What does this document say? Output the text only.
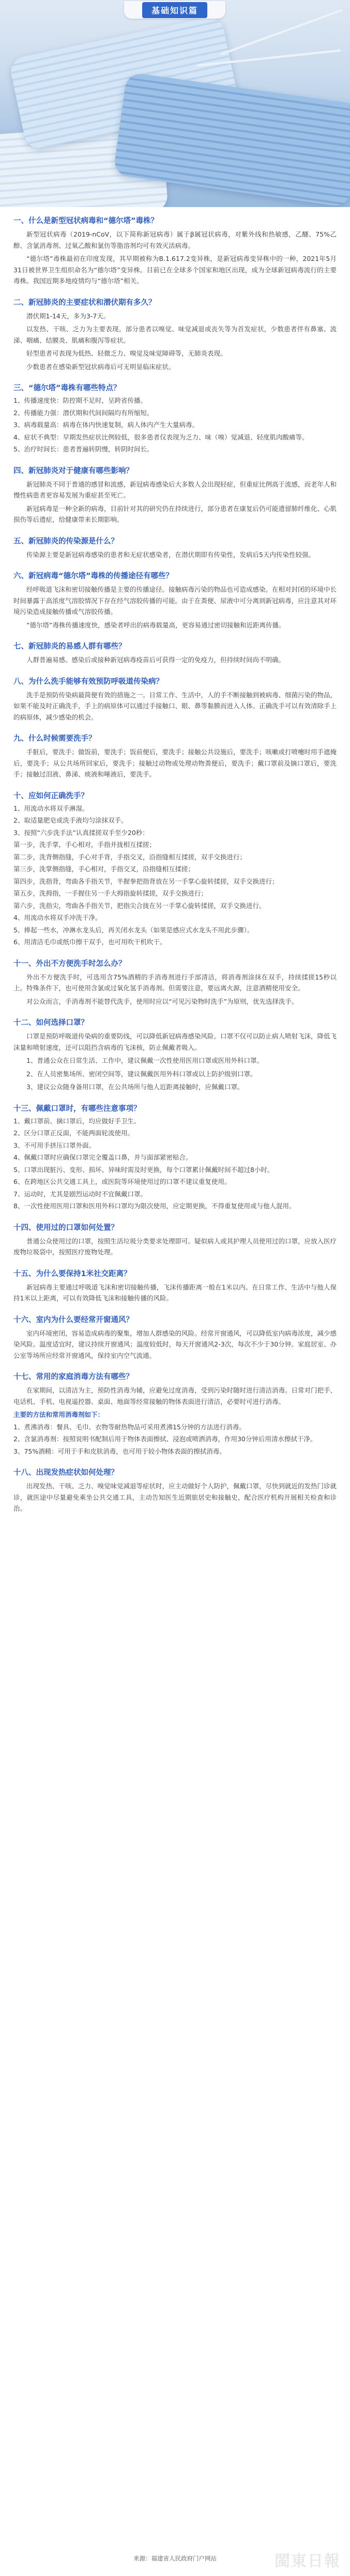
基础知识篇
一、什么是新型冠状病毒和“德尔塔”毒株？

新型冠状病毒（2019-nCoV，以下简称新冠病毒）属于β属冠状病毒，对紫外线和热敏感，乙醚、75%乙醇、含氯消毒剂、过氧乙酸和氯仿等脂溶剂均可有效灭活病毒。

“德尔塔”毒株最初在印度发现，其早期被称为B.1.617.2变异株，是新冠病毒变异株中的一种，2021年5月31日被世界卫生组织命名为“德尔塔”变异株。目前已在全球多个国家和地区出现，成为全球新冠病毒流行的主要毒株。我国近期多地疫情均与“德尔塔”相关。

二、新冠肺炎的主要症状和潜伏期有多久？

潜伏期1-14天，多为3-7天。

以发热、干咳、乏力为主要表现。部分患者以嗅觉、味觉减退或丧失等为首发症状，少数患者伴有鼻塞、流涕、咽痛、结膜炎、肌痛和腹泻等症状。

轻型患者可表现为低热、轻微乏力、嗅觉及味觉障碍等，无肺炎表现。

少数患者在感染新型冠状病毒后可无明显临床症状。

三、“德尔塔”毒株有哪些特点？

1、传播速度快：防控期不足时，呈跨省传播。

2、传播能力强：潜伏期和代间间隔均有所缩短。

3、病毒载量高：病毒在体内快速复制，病人体内产生大量病毒。

4、症状不典型：早期发热症状比例较低，很多患者仅表现为乏力、味（嗅）觉减退、轻度肌肉酸痛等。

5、治疗时间长：患者普遍转阴慢，转阴时间长。

四、新冠肺炎对于健康有哪些影响？

新冠肺炎不同于普通的感冒和流感，新冠病毒感染后大多数人会出现轻症，但重症比例高于流感，而老年人和慢性病患者更容易发展为重症甚至死亡。

新冠病毒是一种全新的病毒，目前针对其的研究仍在持续进行，部分患者在康复后仍可能遗留肺纤维化、心肌损伤等后遗症，给健康带来长期影响。

五、新冠肺炎的传染源是什么？

传染源主要是新冠病毒感染的患者和无症状感染者，在潜伏期即有传染性，发病后5天内传染性较强。

六、新冠病毒“德尔塔”毒株的传播途径有哪些？

经呼吸道飞沫和密切接触传播是主要的传播途径。接触病毒污染的物品也可造成感染。在相对封闭的环境中长时间暴露于高浓度气溶胶情况下存在经气溶胶传播的可能。由于在粪便、尿液中可分离到新冠病毒，应注意其对环境污染造成接触传播或气溶胶传播。

“德尔塔”毒株传播速度快，感染者呼出的病毒载量高，更容易通过密切接触和近距离传播。

七、新冠肺炎的易感人群有哪些？

人群普遍易感。感染后或接种新冠病毒疫苗后可获得一定的免疫力，但持续时间尚不明确。

八、为什么洗手能够有效预防呼吸道传染病？

洗手是预防传染病最简便有效的措施之一。日常工作、生活中，人的手不断接触到被病毒、细菌污染的物品，如果不能及时正确洗手，手上的病原体可以通过手接触口、眼、鼻等黏膜而进入人体。正确洗手可以有效清除手上的病原体，减少感染的机会。

九、什么时候需要洗手？

手脏后，要洗手；做饭前，要洗手；饭前便后，要洗手；接触公共设施后，要洗手；咳嗽或打喷嚏时用手遮掩后，要洗手；从公共场所回家后，要洗手；接触过动物或处理动物粪便后，要洗手；戴口罩前及摘口罩后，要洗手；接触过泪液、鼻涕、痰液和唾液后，要洗手。

十、应如何正确洗手？

1、用流动水将双手淋湿。

2、取适量肥皂或洗手液均匀涂抹双手。

3、按照“六步洗手法”认真揉搓双手至少20秒：

第一步，洗手掌，手心相对，手指并拢相互揉搓；

第二步，洗背侧指缝，手心对手背，手指交叉，沿指缝相互揉搓，双手交换进行；

第三步，洗掌侧指缝，手心相对，手指交叉，沿指缝相互揉搓；

第四步，洗指背，弯曲各手指关节，半握拳把指背放在另一手掌心旋转揉搓，双手交换进行；

第五步，洗拇指，一手握住另一手大拇指旋转揉搓，双手交换进行；

第六步，洗指尖，弯曲各手指关节，把指尖合拢在另一手掌心旋转揉搓，双手交换进行。

4、用流动水将双手冲洗干净。

5、捧起一些水，冲淋水龙头后，再关闭水龙头（如果是感应式水龙头不用此步骤）。

6、用清洁毛巾或纸巾擦干双手，也可用吹干机吹干。

十一、外出不方便洗手时怎么办？

外出不方便洗手时，可选用含75%酒精的手消毒剂进行手部清洁，将消毒剂涂抹在双手，持续揉搓15秒以上。特殊条件下，也可使用含氯或过氧化氢手消毒剂。但需要注意，要远离火源，注意酒精使用安全。

对公众而言，手消毒剂不能替代洗手，使用时应以“可见污染物时洗手”为原则，优先选择洗手。

十二、如何选择口罩？

口罩是预防呼吸道传染病的重要防线，可以降低新冠病毒感染风险。口罩不仅可以防止病人喷射飞沫，降低飞沫量和喷射速度，还可以阻挡含病毒的飞沫核，防止佩戴者吸入。

1、普通公众在日常生活、工作中，建议佩戴一次性使用医用口罩或医用外科口罩。

2、在人员密集场所、密闭空间等，建议佩戴医用外科口罩或以上防护级别口罩。

3、建议公众随身备用口罩，在公共场所与他人近距离接触时，应佩戴口罩。

十三、佩戴口罩时，有哪些注意事项？

1、戴口罩前、摘口罩后，均应做好手卫生。

2、区分口罩正反面，不能两面轮流使用。

3、不可用手挤压口罩外面。

4、佩戴口罩时应确保口罩完全覆盖口鼻，并与面部紧密贴合。

5、口罩出现脏污、变形、损坏、异味时需及时更换，每个口罩累计佩戴时间不超过8小时。

6、在跨地区公共交通工具上，或医院等环境使用过的口罩不建议重复使用。

7、运动时，尤其是剧烈运动时不宜佩戴口罩。

8、一次性使用医用口罩和医用外科口罩均为限次使用，应定期更换，不得重复使用或与他人混用。

十四、使用过的口罩如何处置？

普通公众使用过的口罩，按照生活垃圾分类要求处理即可。疑似病人或其护理人员使用过的口罩，应放入医疗废物垃圾袋中，按照医疗废物处理。

十五、为什么要保持1米社交距离？

新冠病毒主要通过呼吸道飞沫和密切接触传播，飞沫传播距离一般在1米以内。在日常工作、生活中与他人保持1米以上距离，可以有效降低飞沫和接触传播的风险。

十六、室内为什么要经常开窗通风？

室内环境密闭，容易造成病毒的聚集，增加人群感染的风险。经常开窗通风，可以降低室内病毒浓度，减少感染风险。温度适宜时，建议持续开窗通风；温度较低时，每天开窗通风2-3次，每次不少于30分钟。家庭居室、办公室等场所应经常开窗通风，保持室内空气流通。

十七、常用的家庭消毒方法有哪些？

在家期间，以清洁为主，预防性消毒为辅，应避免过度消毒，受到污染时随时进行清洁消毒。日常对门把手、电话机、手机、电视遥控器、桌面、地面等经常接触的物体表面进行清洁，必要时可进行消毒。

主要的方法和常用消毒剂如下：

1、煮沸消毒：餐具、毛巾、衣物等耐热物品可采用煮沸15分钟的方法进行消毒。

2、含氯消毒剂：按照说明书配制后用于物体表面擦拭、浸泡或喷洒消毒，作用30分钟后用清水擦拭干净。

3、75%酒精：可用于手和皮肤消毒，也可用于较小物体表面的擦拭消毒。

十八、出现发热症状如何处理？

出现发热、干咳、乏力、嗅觉味觉减退等症状时，应主动做好个人防护，佩戴口罩，尽快到就近的发热门诊就诊，就医途中尽量避免乘坐公共交通工具，主动告知医生近期旅居史和接触史，配合医疗机构开展相关检查和诊治。

来源：福建省人民政府门户网站	閩東日報
